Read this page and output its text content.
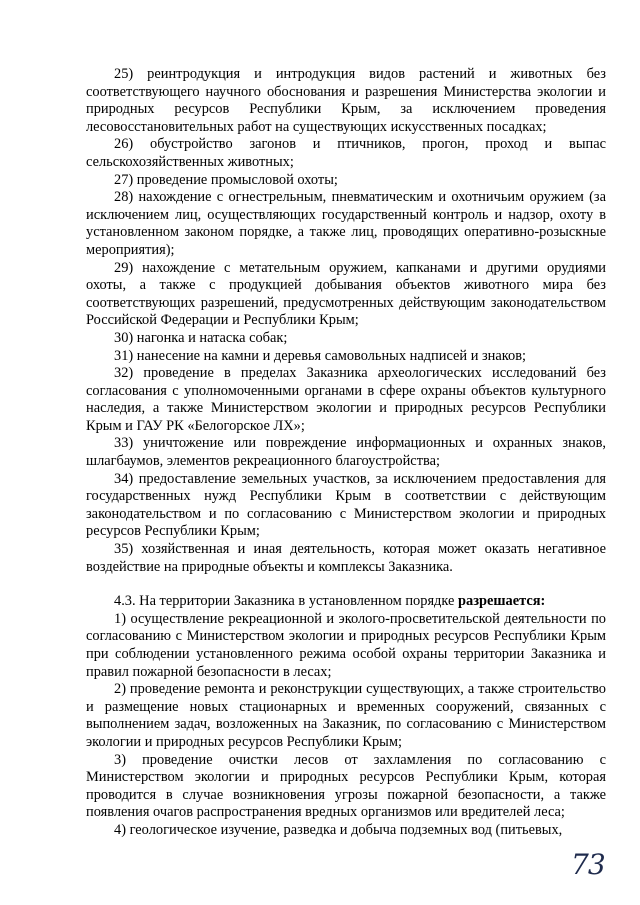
25) реинтродукция и интродукция видов растений и животных без соответствующего научного обоснования и разрешения Министерства экологии и природных ресурсов Республики Крым, за исключением проведения лесовосстановительных работ на существующих искусственных посадках;

26) обустройство загонов и птичников, прогон, проход и выпас сельскохозяйственных животных;

27) проведение промысловой охоты;

28) нахождение с огнестрельным, пневматическим и охотничьим оружием (за исключением лиц, осуществляющих государственный контроль и надзор, охоту в установленном законом порядке, а также лиц, проводящих оперативно-розыскные мероприятия);

29) нахождение с метательным оружием, капканами и другими орудиями охоты, а также с продукцией добывания объектов животного мира без соответствующих разрешений, предусмотренных действующим законодательством Российской Федерации и Республики Крым;

30) нагонка и натаска собак;

31) нанесение на камни и деревья самовольных надписей и знаков;

32) проведение в пределах Заказника археологических исследований без согласования с уполномоченными органами в сфере охраны объектов культурного наследия, а также Министерством экологии и природных ресурсов Республики Крым и ГАУ РК «Белогорское ЛХ»;

33) уничтожение или повреждение информационных и охранных знаков, шлагбаумов, элементов рекреационного благоустройства;

34) предоставление земельных участков, за исключением предоставления для государственных нужд Республики Крым в соответствии с действующим законодательством и по согласованию с Министерством экологии и природных ресурсов Республики Крым;

35) хозяйственная и иная деятельность, которая может оказать негативное воздействие на природные объекты и комплексы Заказника.

4.3. На территории Заказника в установленном порядке разрешается:

1) осуществление рекреационной и эколого-просветительской деятельности по согласованию с Министерством экологии и природных ресурсов Республики Крым при соблюдении установленного режима особой охраны территории Заказника и правил пожарной безопасности в лесах;

2) проведение ремонта и реконструкции существующих, а также строительство и размещение новых стационарных и временных сооружений, связанных с выполнением задач, возложенных на Заказник, по согласованию с Министерством экологии и природных ресурсов Республики Крым;

3) проведение очистки лесов от захламления по согласованию с Министерством экологии и природных ресурсов Республики Крым, которая проводится в случае возникновения угрозы пожарной безопасности, а также появления очагов распространения вредных организмов или вредителей леса;

4) геологическое изучение, разведка и добыча подземных вод (питьевых,

73
